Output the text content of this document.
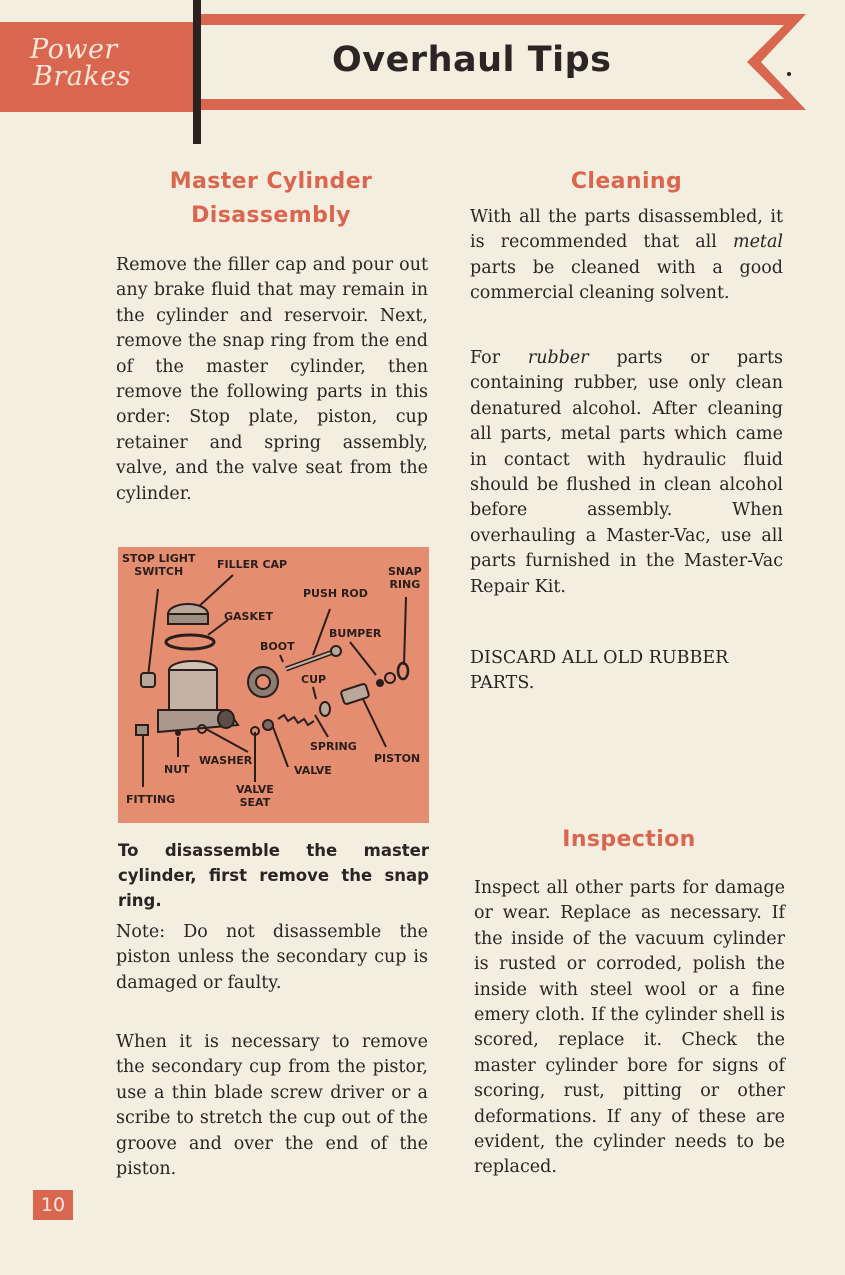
Power
Brakes	Overhaul Tips
Master Cylinder
Disassembly

Remove the filler cap and pour out any brake fluid that may remain in the cylinder and reservoir. Next, remove the snap ring from the end of the master cylinder, then remove the following parts in this order: Stop plate, piston, cup retainer and spring assembly, valve, and the valve seat from the cylinder.

STOP LIGHT
SWITCH
FILLER CAP
SNAP
RING
PUSH ROD
GASKET
BOOT
BUMPER
CUP
SPRING
WASHER
NUT	VALVE
PISTON
FITTING
VALVE
SEAT
To disassemble the master cylinder, first remove the snap ring.

Note: Do not disassemble the piston unless the secondary cup is damaged or faulty.

When it is necessary to remove the secondary cup from the pistor, use a thin blade screw driver or a scribe to stretch the cup out of the groove and over the end of the piston.

Cleaning

With all the parts disassembled, it is recommended that all metal parts be cleaned with a good commercial cleaning solvent.

For rubber parts or parts containing rubber, use only clean denatured alcohol. After cleaning all parts, metal parts which came in contact with hydraulic fluid should be flushed in clean alcohol before assembly. When overhauling a Master-Vac, use all parts furnished in the Master-Vac Repair Kit.

DISCARD ALL OLD RUBBER PARTS.

Inspection

Inspect all other parts for damage or wear. Replace as necessary. If the inside of the vacuum cylinder is rusted or corroded, polish the inside with steel wool or a fine emery cloth. If the cylinder shell is scored, replace it. Check the master cylinder bore for signs of scoring, rust, pitting or other deformations. If any of these are evident, the cylinder needs to be replaced.

10
